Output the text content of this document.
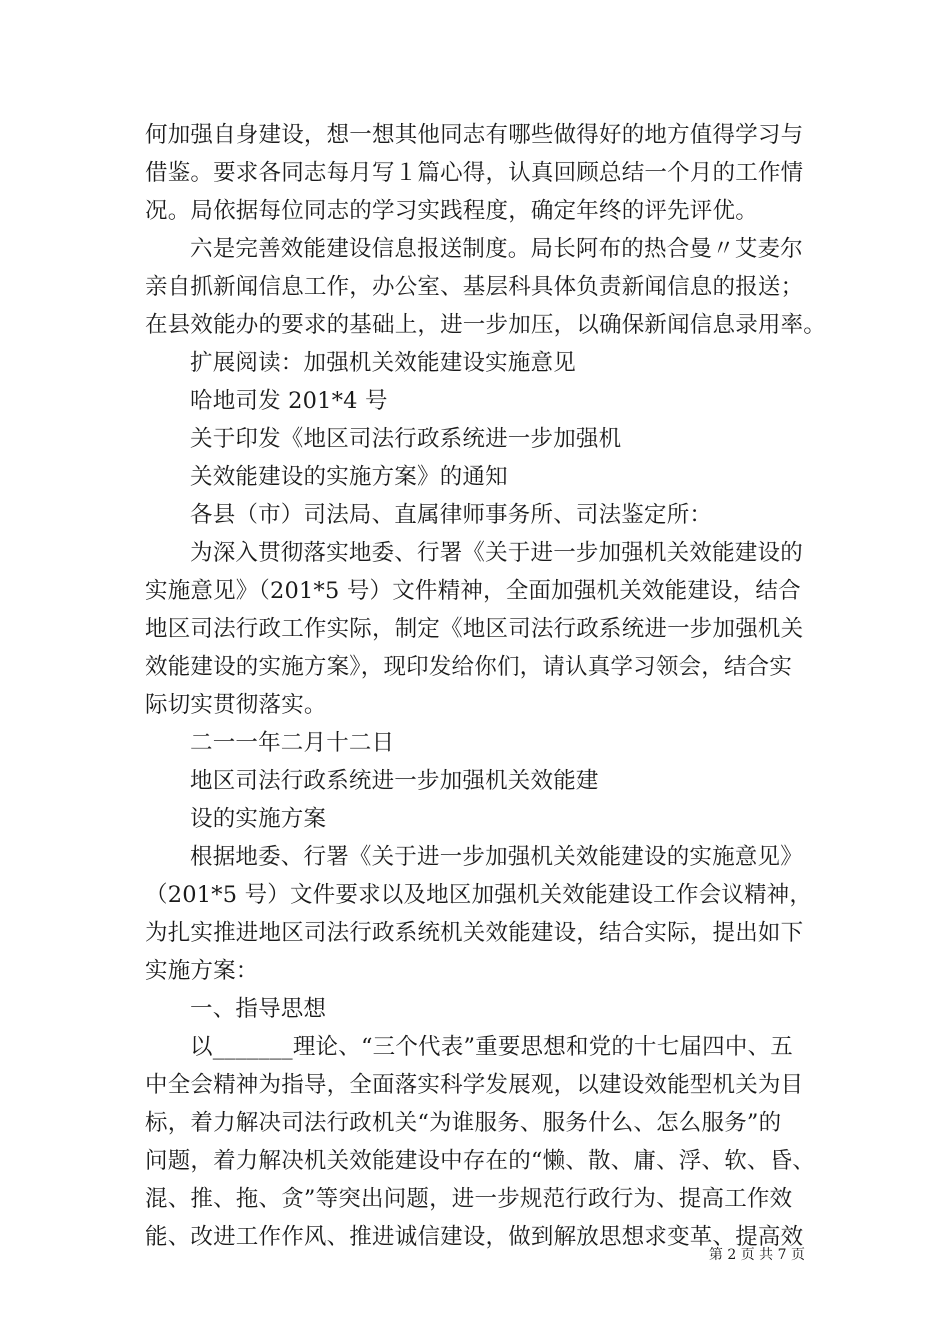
何加强自身建设，想一想其他同志有哪些做得好的地方值得学习与
借鉴。要求各同志每月写１篇心得，认真回顾总结一个月的工作情
况。局依据每位同志的学习实践程度，确定年终的评先评优。
六是完善效能建设信息报送制度。局长阿布的热合曼〃艾麦尔
亲自抓新闻信息工作，办公室、基层科具体负责新闻信息的报送；
在县效能办的要求的基础上，进一步加压，以确保新闻信息录用率。
扩展阅读：加强机关效能建设实施意见
哈地司发 201*4 号
关于印发《地区司法行政系统进一步加强机
关效能建设的实施方案》的通知
各县（市）司法局、直属律师事务所、司法鉴定所：
为深入贯彻落实地委、行署《关于进一步加强机关效能建设的
实施意见》（201*5 号）文件精神，全面加强机关效能建设，结合
地区司法行政工作实际，制定《地区司法行政系统进一步加强机关
效能建设的实施方案》，现印发给你们，请认真学习领会，结合实
际切实贯彻落实。
二一一年二月十二日
地区司法行政系统进一步加强机关效能建
设的实施方案
根据地委、行署《关于进一步加强机关效能建设的实施意见》
（201*5 号）文件要求以及地区加强机关效能建设工作会议精神，
为扎实推进地区司法行政系统机关效能建设，结合实际，提出如下
实施方案：
一、指导思想
以_______理论、“三个代表”重要思想和党的十七届四中、五
中全会精神为指导，全面落实科学发展观，以建设效能型机关为目
标，着力解决司法行政机关“为谁服务、服务什么、怎么服务”的
问题，着力解决机关效能建设中存在的“懒、散、庸、浮、软、昏、
混、推、拖、贪”等突出问题，进一步规范行政行为、提高工作效
能、改进工作作风、推进诚信建设，做到解放思想求变革、提高效
第 2 页 共 7 页
